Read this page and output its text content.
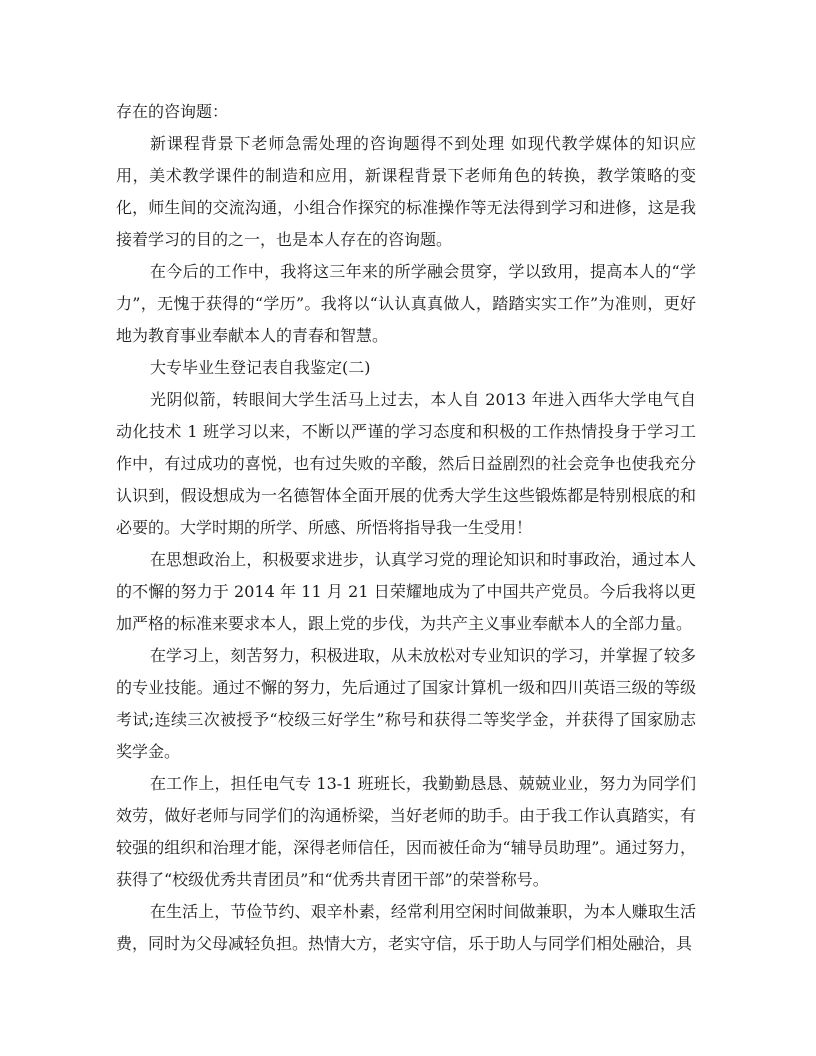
存在的咨询题：

新课程背景下老师急需处理的咨询题得不到处理 如现代教学媒体的知识应用，美术教学课件的制造和应用，新课程背景下老师角色的转换，教学策略的变化，师生间的交流沟通，小组合作探究的标准操作等无法得到学习和进修，这是我接着学习的目的之一，也是本人存在的咨询题。

在今后的工作中，我将这三年来的所学融会贯穿，学以致用，提高本人的“学力”，无愧于获得的“学历”。我将以“认认真真做人，踏踏实实工作”为准则，更好地为教育事业奉献本人的青春和智慧。

大专毕业生登记表自我鉴定(二)

光阴似箭，转眼间大学生活马上过去，本人自 2013 年进入西华大学电气自动化技术 1 班学习以来，不断以严谨的学习态度和积极的工作热情投身于学习工作中，有过成功的喜悦，也有过失败的辛酸，然后日益剧烈的社会竞争也使我充分认识到，假设想成为一名德智体全面开展的优秀大学生这些锻炼都是特别根底的和必要的。大学时期的所学、所感、所悟将指导我一生受用！

在思想政治上，积极要求进步，认真学习党的理论知识和时事政治，通过本人的不懈的努力于 2014 年 11 月 21 日荣耀地成为了中国共产党员。今后我将以更加严格的标准来要求本人，跟上党的步伐，为共产主义事业奉献本人的全部力量。

在学习上，刻苦努力，积极进取，从未放松对专业知识的学习，并掌握了较多的专业技能。通过不懈的努力，先后通过了国家计算机一级和四川英语三级的等级考试;连续三次被授予“校级三好学生”称号和获得二等奖学金，并获得了国家励志奖学金。

在工作上，担任电气专 13-1 班班长，我勤勤恳恳、兢兢业业，努力为同学们效劳，做好老师与同学们的沟通桥梁，当好老师的助手。由于我工作认真踏实，有较强的组织和治理才能，深得老师信任，因而被任命为“辅导员助理”。通过努力，获得了“校级优秀共青团员”和“优秀共青团干部”的荣誉称号。

在生活上，节俭节约、艰辛朴素，经常利用空闲时间做兼职，为本人赚取生活费，同时为父母减轻负担。热情大方，老实守信，乐于助人与同学们相处融洽，具
